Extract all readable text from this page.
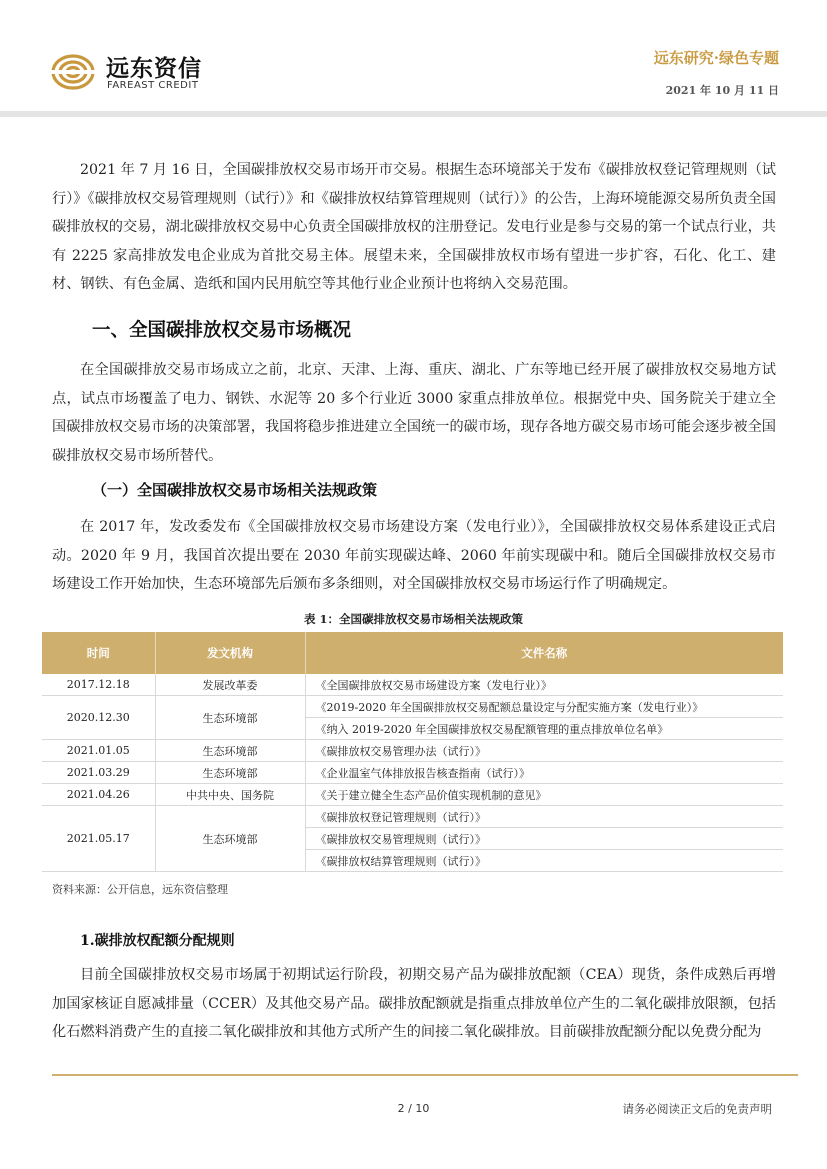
远东资信
FAREAST CREDIT
远东研究·绿色专题
2021 年 10 月 11 日

2021 年 7 月 16 日，全国碳排放权交易市场开市交易。根据生态环境部关于发布《碳排放权登记管理规则（试行）》《碳排放权交易管理规则（试行）》和《碳排放权结算管理规则（试行）》的公告，上海环境能源交易所负责全国碳排放权的交易，湖北碳排放权交易中心负责全国碳排放权的注册登记。发电行业是参与交易的第一个试点行业，共有 2225 家高排放发电企业成为首批交易主体。展望未来，全国碳排放权市场有望进一步扩容，石化、化工、建材、钢铁、有色金属、造纸和国内民用航空等其他行业企业预计也将纳入交易范围。

一、全国碳排放权交易市场概况

在全国碳排放交易市场成立之前，北京、天津、上海、重庆、湖北、广东等地已经开展了碳排放权交易地方试点，试点市场覆盖了电力、钢铁、水泥等 20 多个行业近 3000 家重点排放单位。根据党中央、国务院关于建立全国碳排放权交易市场的决策部署，我国将稳步推进建立全国统一的碳市场，现存各地方碳交易市场可能会逐步被全国碳排放权交易市场所替代。

（一）全国碳排放权交易市场相关法规政策

在 2017 年，发改委发布《全国碳排放权交易市场建设方案（发电行业）》，全国碳排放权交易体系建设正式启动。2020 年 9 月，我国首次提出要在 2030 年前实现碳达峰、2060 年前实现碳中和。随后全国碳排放权交易市场建设工作开始加快，生态环境部先后颁布多条细则，对全国碳排放权交易市场运行作了明确规定。

表 1：全国碳排放权交易市场相关法规政策
时间	发文机构	文件名称
2017.12.18	发展改革委	《全国碳排放权交易市场建设方案（发电行业）》
2020.12.30	生态环境部	《2019-2020 年全国碳排放权交易配额总量设定与分配实施方案（发电行业）》
		《纳入 2019-2020 年全国碳排放权交易配额管理的重点排放单位名单》
2021.01.05	生态环境部	《碳排放权交易管理办法（试行）》
2021.03.29	生态环境部	《企业温室气体排放报告核查指南（试行）》
2021.04.26	中共中央、国务院	《关于建立健全生态产品价值实现机制的意见》
2021.05.17	生态环境部	《碳排放权登记管理规则（试行）》
		《碳排放权交易管理规则（试行）》
		《碳排放权结算管理规则（试行）》
资料来源：公开信息，远东资信整理
1.碳排放权配额分配规则

目前全国碳排放权交易市场属于初期试运行阶段，初期交易产品为碳排放配额（CEA）现货，条件成熟后再增加国家核证自愿减排量（CCER）及其他交易产品。碳排放配额就是指重点排放单位产生的二氧化碳排放限额，包括化石燃料消费产生的直接二氧化碳排放和其他方式所产生的间接二氧化碳排放。目前碳排放配额分配以免费分配为

2 / 10	请务必阅读正文后的免责声明
